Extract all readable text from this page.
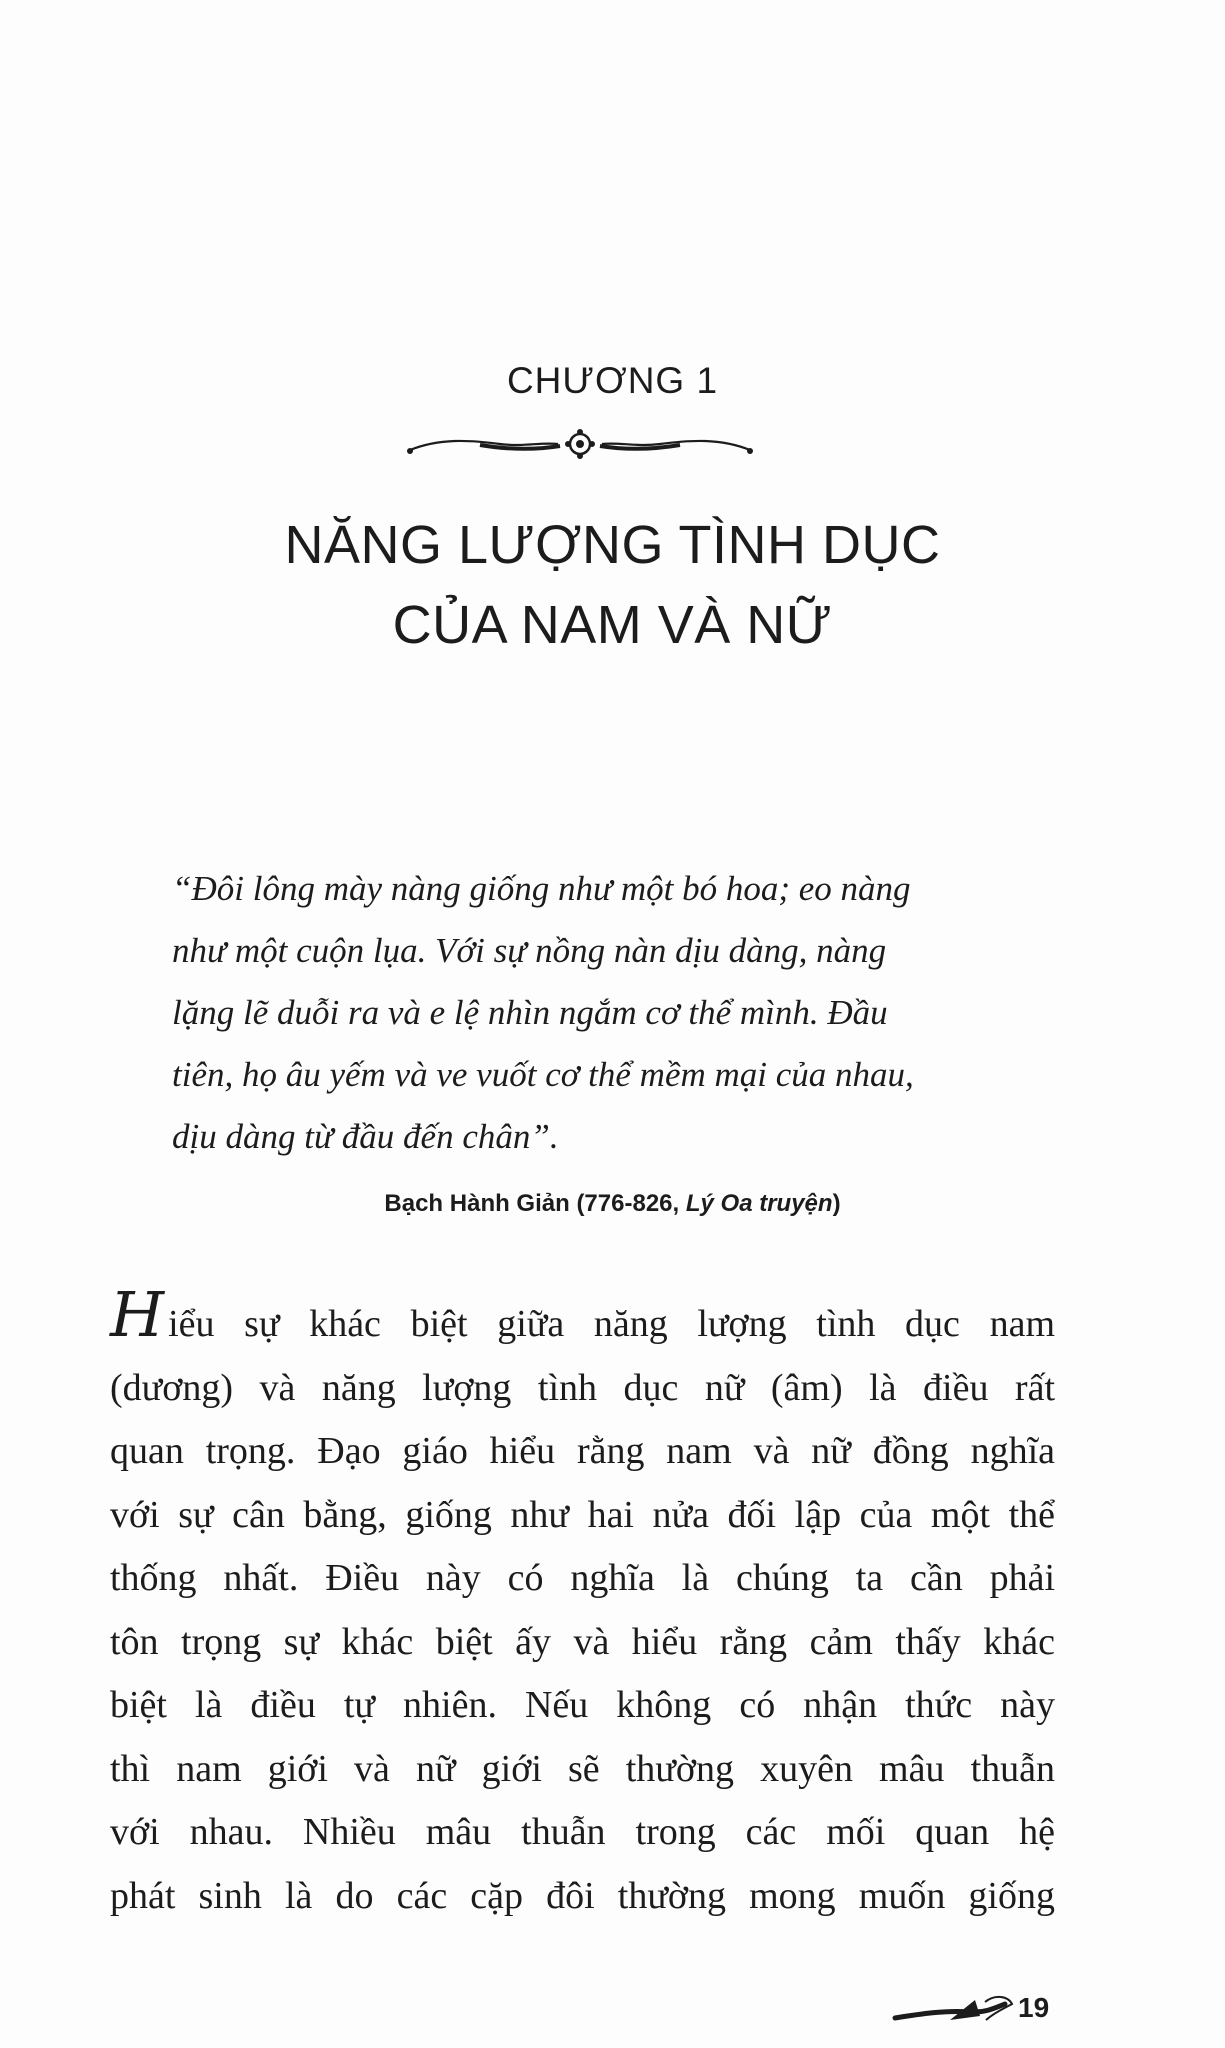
CHƯƠNG 1
NĂNG LƯỢNG TÌNH DỤC
CỦA NAM VÀ NỮ
“Đôi lông mày nàng giống như một bó hoa; eo nàng
như một cuộn lụa. Với sự nồng nàn dịu dàng, nàng
lặng lẽ duỗi ra và e lệ nhìn ngắm cơ thể mình. Đầu
tiên, họ âu yếm và ve vuốt cơ thể mềm mại của nhau,
dịu dàng từ đầu đến chân”.
Bạch Hành Giản (776-826, Lý Oa truyện)
Hiểu sự khác biệt giữa năng lượng tình dục nam
(dương) và năng lượng tình dục nữ (âm) là điều rất
quan trọng. Đạo giáo hiểu rằng nam và nữ đồng nghĩa
với sự cân bằng, giống như hai nửa đối lập của một thể
thống nhất. Điều này có nghĩa là chúng ta cần phải
tôn trọng sự khác biệt ấy và hiểu rằng cảm thấy khác
biệt là điều tự nhiên. Nếu không có nhận thức này
thì nam giới và nữ giới sẽ thường xuyên mâu thuẫn
với nhau. Nhiều mâu thuẫn trong các mối quan hệ
phát sinh là do các cặp đôi thường mong muốn giống
19
